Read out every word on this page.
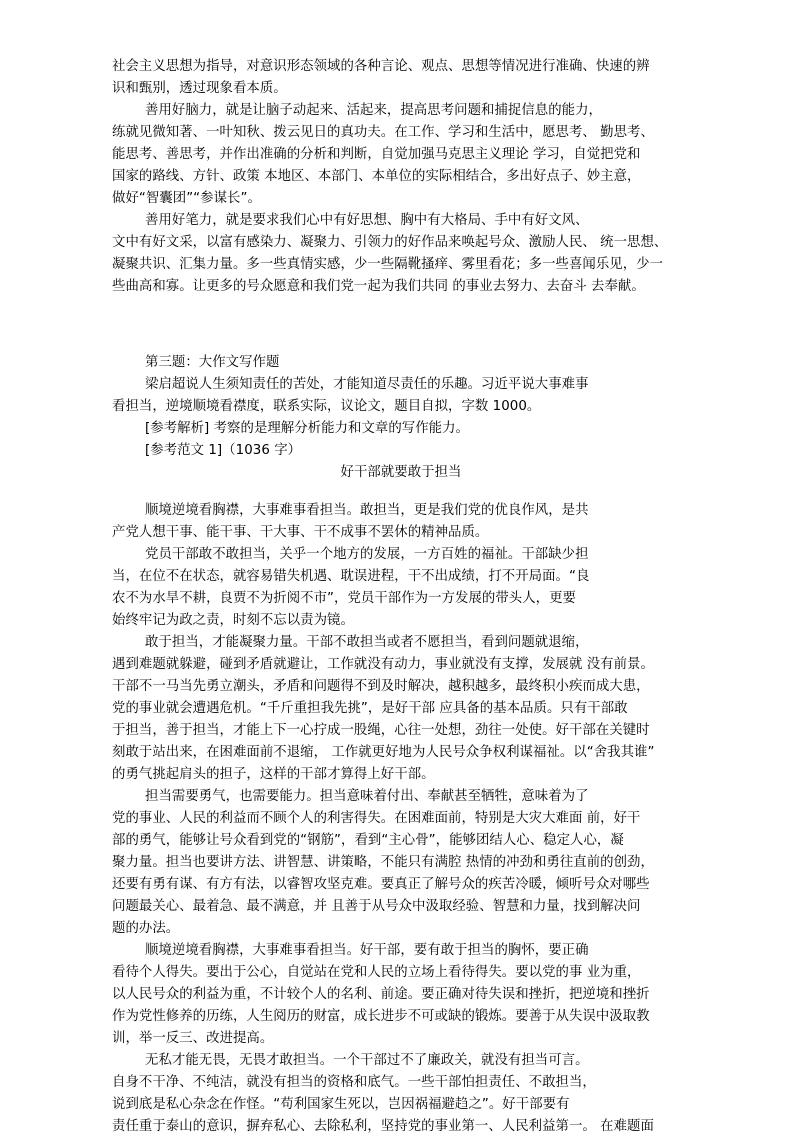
社会主义思想为指导，对意识形态领域的各种言论、观点、思想等情况进行准确、快速的辨
识和甄别，透过现象看本质。
善用好脑力，就是让脑子动起来、活起来，提高思考问题和捕捉信息的能力，
练就见微知著、一叶知秋、拨云见日的真功夫。在工作、学习和生活中，愿思考、 勤思考、
能思考、善思考，并作出准确的分析和判断，自觉加强马克思主义理论 学习，自觉把党和
国家的路线、方针、政策 本地区、本部门、本单位的实际相结合，多出好点子、妙主意，
做好“智囊团”“参谋长”。
善用好笔力，就是要求我们心中有好思想、胸中有大格局、手中有好文风、
文中有好文采，以富有感染力、凝聚力、引领力的好作品来唤起号众、激励人民、 统一思想、
凝聚共识、汇集力量。多一些真情实感，少一些隔靴搔痒、雾里看花；多一些喜闻乐见，少一
些曲高和寡。让更多的号众愿意和我们党一起为我们共同 的事业去努力、去奋斗 去奉献。
第三题：大作文写作题
梁启超说人生须知责任的苦处，才能知道尽责任的乐趣。习近平说大事难事
看担当，逆境顺境看襟度，联系实际，议论文，题目自拟，字数 1000。
[参考解析] 考察的是理解分析能力和文章的写作能力。
[参考范文 1]（1036 字）
好干部就要敢于担当
顺境逆境看胸襟，大事难事看担当。敢担当，更是我们党的优良作风，是共
产党人想干事、能干事、干大事、干不成事不罢休的精神品质。
党员干部敢不敢担当，关乎一个地方的发展，一方百姓的福祉。干部缺少担
当，在位不在状态，就容易错失机遇、耽误进程，干不出成绩，打不开局面。“良
农不为水旱不耕，良贾不为折阅不市”，党员干部作为一方发展的带头人，更要
始终牢记为政之责，时刻不忘以责为镜。
敢于担当，才能凝聚力量。干部不敢担当或者不愿担当，看到问题就退缩，
遇到难题就躲避，碰到矛盾就避让，工作就没有动力，事业就没有支撑，发展就 没有前景。
干部不一马当先勇立潮头，矛盾和问题得不到及时解决，越积越多，最终积小疾而成大患，
党的事业就会遭遇危机。“千斤重担我先挑”，是好干部 应具备的基本品质。只有干部敢
于担当，善于担当，才能上下一心拧成一股绳，心往一处想，劲往一处使。好干部在关键时
刻敢于站出来，在困难面前不退缩， 工作就更好地为人民号众争权利谋福祉。以“舍我其谁”
的勇气挑起肩头的担子，这样的干部才算得上好干部。
担当需要勇气，也需要能力。担当意味着付出、奉献甚至牺牲，意味着为了
党的事业、人民的利益而不顾个人的利害得失。在困难面前，特别是大灾大难面 前，好干
部的勇气，能够让号众看到党的“钢筋”，看到“主心骨”，能够团结人心、稳定人心，凝
聚力量。担当也要讲方法、讲智慧、讲策略，不能只有满腔 热情的冲劲和勇往直前的创劲，
还要有勇有谋、有方有法，以睿智攻坚克难。要真正了解号众的疾苦冷暖，倾听号众对哪些
问题最关心、最着急、最不满意，并 且善于从号众中汲取经验、智慧和力量，找到解决问
题的办法。
顺境逆境看胸襟，大事难事看担当。好干部，要有敢于担当的胸怀，要正确
看待个人得失。要出于公心，自觉站在党和人民的立场上看待得失。要以党的事 业为重，
以人民号众的利益为重，不计较个人的名利、前途。要正确对待失误和挫折，把逆境和挫折
作为党性修养的历练，人生阅历的财富，成长进步不可或缺的锻炼。要善于从失误中汲取教
训，举一反三、改进提高。
无私才能无畏，无畏才敢担当。一个干部过不了廉政关，就没有担当可言。
自身不干净、不纯洁，就没有担当的资格和底气。一些干部怕担责任、不敢担当，
说到底是私心杂念在作怪。“苟利国家生死以，岂因祸福避趋之”。好干部要有
责任重于泰山的意识，摒弃私心、去除私利，坚持党的事业第一、人民利益第一。 在难题面
